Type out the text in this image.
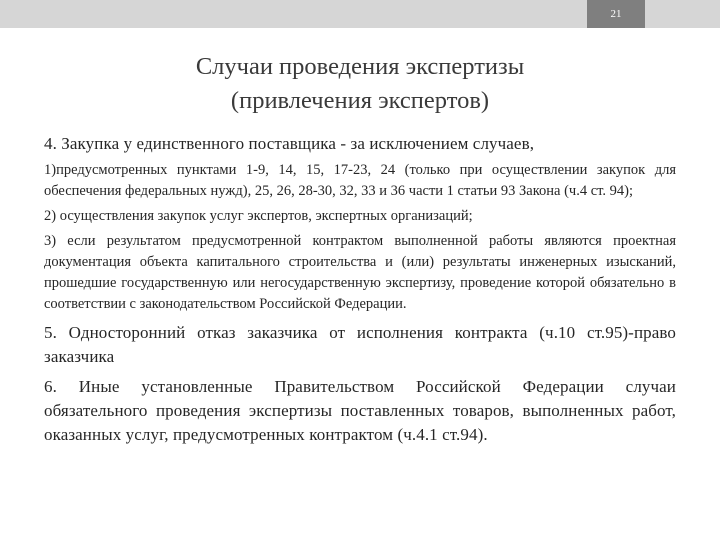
21
Случаи проведения экспертизы
(привлечения экспертов)

4. Закупка у единственного поставщика - за исключением случаев,

1)предусмотренных пунктами 1-9, 14, 15, 17-23, 24 (только при осуществлении закупок для обеспечения федеральных нужд), 25, 26, 28-30, 32, 33 и 36 части 1 статьи 93 Закона (ч.4 ст. 94);

2) осуществления закупок услуг экспертов, экспертных организаций;

3) если результатом предусмотренной контрактом выполненной работы являются проектная документация объекта капитального строительства и (или) результаты инженерных изысканий, прошедшие государственную или негосударственную экспертизу, проведение которой обязательно в соответствии с законодательством Российской Федерации.

5. Односторонний отказ заказчика от исполнения контракта (ч.10 ст.95)-право заказчика

6. Иные установленные Правительством Российской Федерации случаи обязательного проведения экспертизы поставленных товаров, выполненных работ, оказанных услуг, предусмотренных контрактом (ч.4.1 ст.94).
